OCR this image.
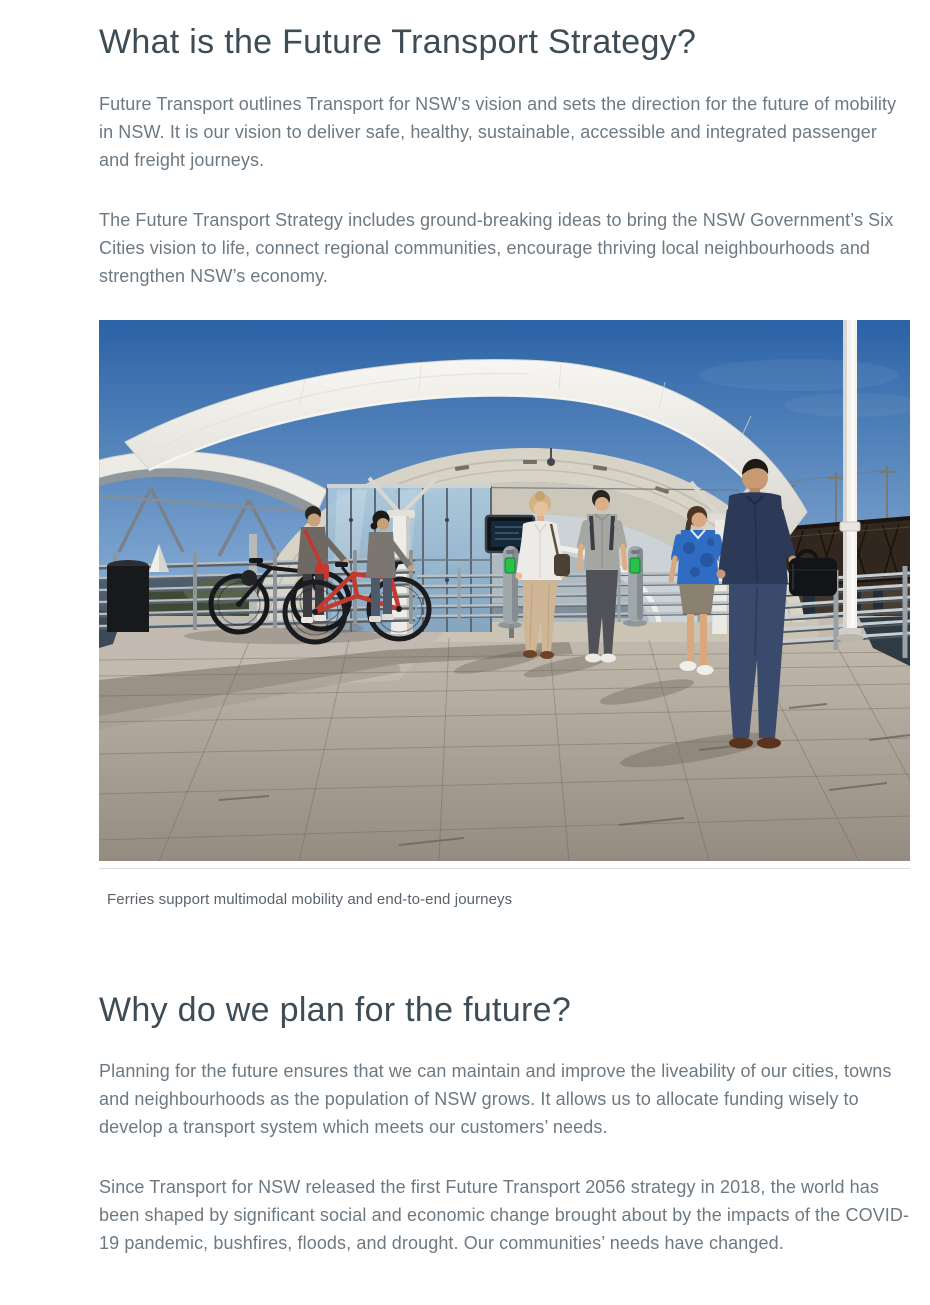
What is the Future Transport Strategy?

Future Transport outlines Transport for NSW’s vision and sets the direction for the future of mobility in NSW. It is our vision to deliver safe, healthy, sustainable, accessible and integrated passenger and freight journeys.

The Future Transport Strategy includes ground-breaking ideas to bring the NSW Government’s Six Cities vision to life, connect regional communities, encourage thriving local neighbourhoods and strengthen NSW’s economy.

Ferries support multimodal mobility and end-to-end journeys
Why do we plan for the future?

Planning for the future ensures that we can maintain and improve the liveability of our cities, towns and neighbourhoods as the population of NSW grows. It allows us to allocate funding wisely to develop a transport system which meets our customers’ needs.

Since Transport for NSW released the first Future Transport 2056 strategy in 2018, the world has been shaped by significant social and economic change brought about by the impacts of the COVID-19 pandemic, bushfires, floods, and drought. Our communities’ needs have changed.
